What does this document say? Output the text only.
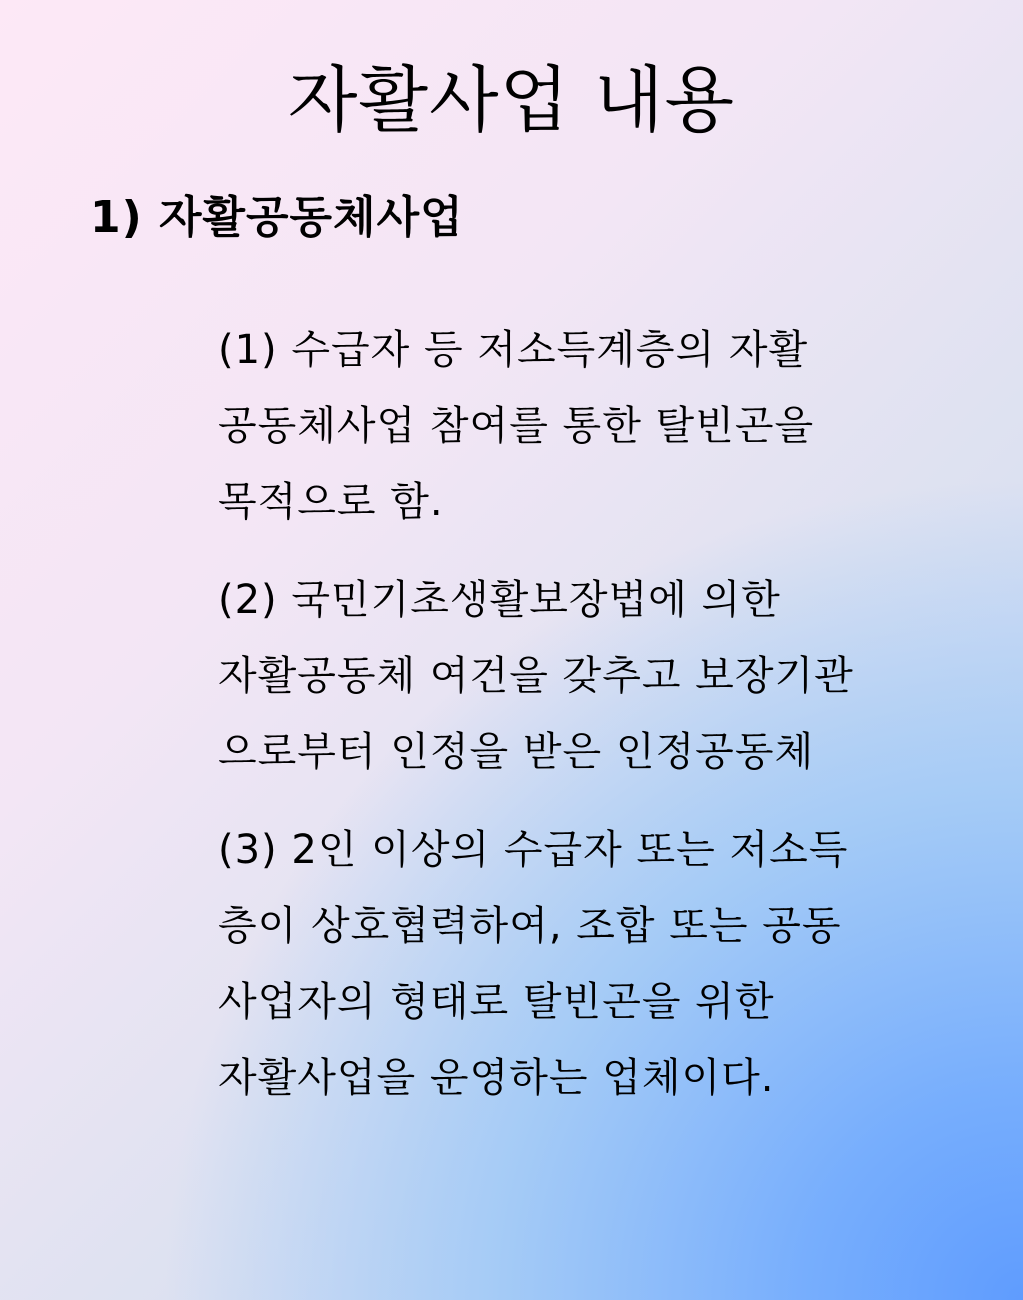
자활사업 내용
1) 자활공동체사업
(1) 수급자 등 저소득계층의 자활
공동체사업 참여를 통한 탈빈곤을
목적으로 함.
(2) 국민기초생활보장법에 의한
자활공동체 여건을 갖추고 보장기관
으로부터 인정을 받은 인정공동체
(3) 2인 이상의 수급자 또는 저소득
층이 상호협력하여, 조합 또는 공동
사업자의 형태로 탈빈곤을 위한
자활사업을 운영하는 업체이다.
